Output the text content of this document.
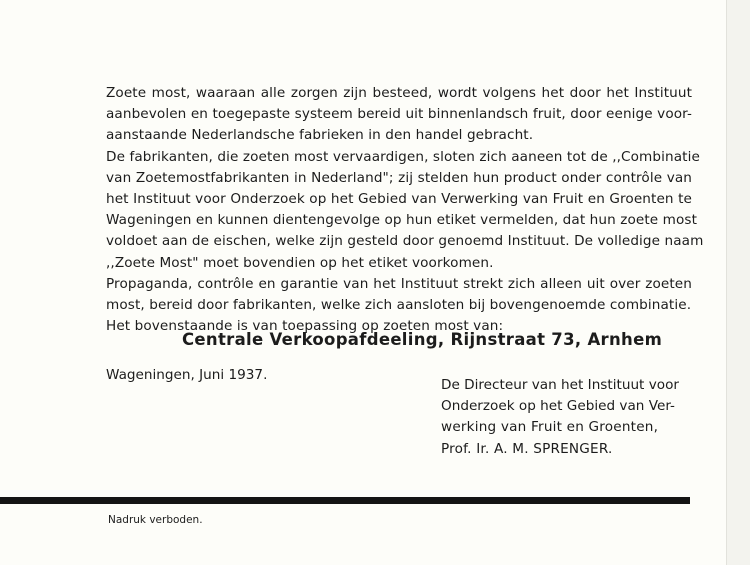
Zoete most, waaraan alle zorgen zijn besteed, wordt volgens het door het Instituut
aanbevolen en toegepaste systeem bereid uit binnenlandsch fruit, door eenige voor-
aanstaande Nederlandsche fabrieken in den handel gebracht.
De fabrikanten, die zoeten most vervaardigen, sloten zich aaneen tot de ,,Combinatie
van Zoetemostfabrikanten in Nederland"; zij stelden hun product onder contrôle van
het Instituut voor Onderzoek op het Gebied van Verwerking van Fruit en Groenten te
Wageningen en kunnen dientengevolge op hun etiket vermelden, dat hun zoete most
voldoet aan de eischen, welke zijn gesteld door genoemd Instituut. De volledige naam
,,Zoete Most" moet bovendien op het etiket voorkomen.
Propaganda, contrôle en garantie van het Instituut strekt zich alleen uit over zoeten
most, bereid door fabrikanten, welke zich aansloten bij bovengenoemde combinatie.
Het bovenstaande is van toepassing op zoeten most van:
Centrale Verkoopafdeeling, Rijnstraat 73, Arnhem
Wageningen, Juni 1937.
De Directeur van het Instituut voor
Onderzoek op het Gebied van Ver-
werking van Fruit en Groenten,
Prof. Ir. A. M. SPRENGER.
Nadruk verboden.
